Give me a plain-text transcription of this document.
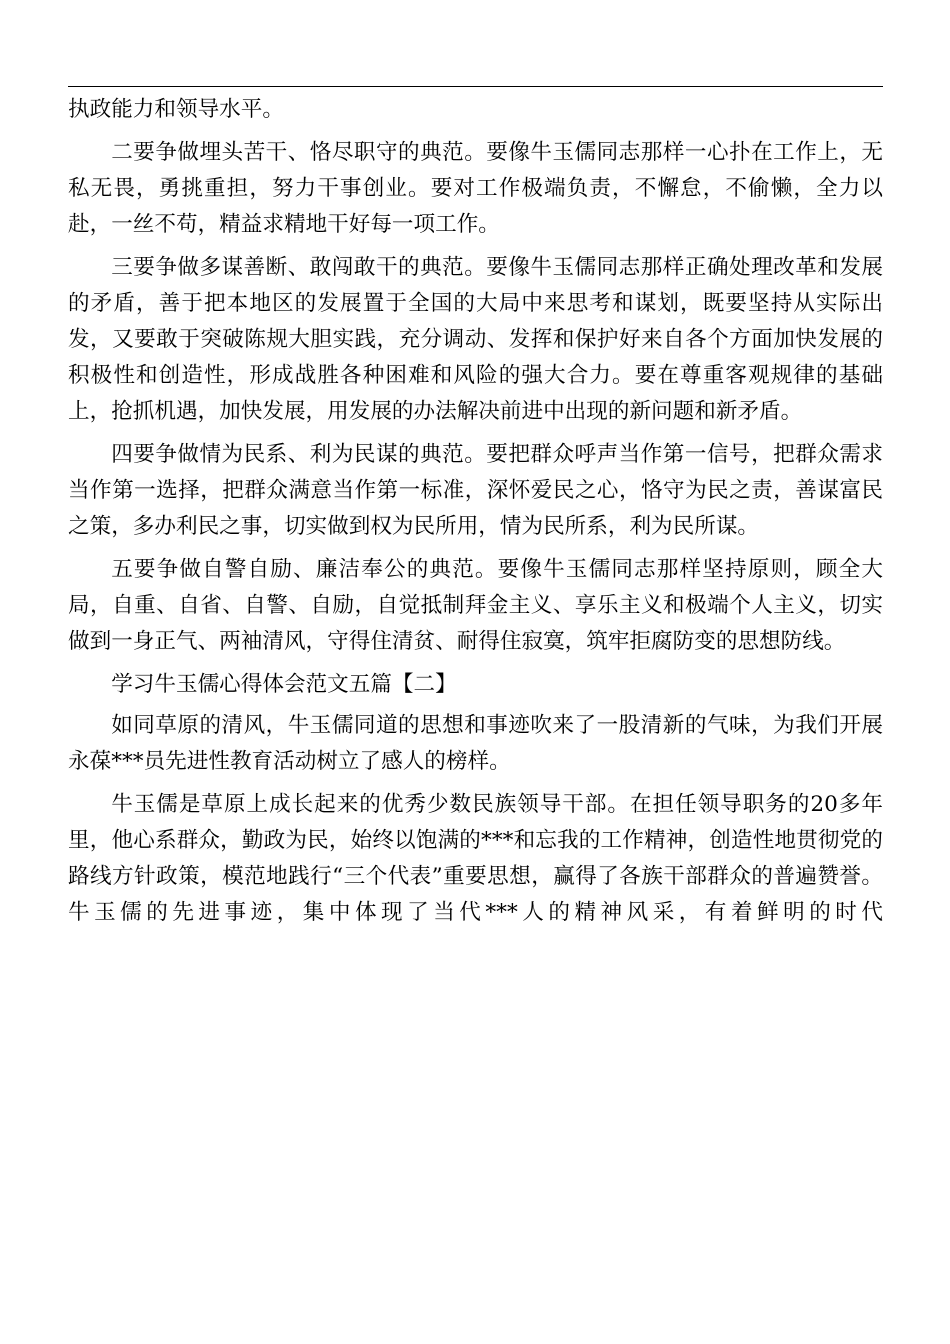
执政能力和领导水平。

二要争做埋头苦干、恪尽职守的典范。要像牛玉儒同志那样一心扑在工作上，无私无畏，勇挑重担，努力干事创业。要对工作极端负责，不懈怠，不偷懒，全力以赴，一丝不苟，精益求精地干好每一项工作。

三要争做多谋善断、敢闯敢干的典范。要像牛玉儒同志那样正确处理改革和发展的矛盾，善于把本地区的发展置于全国的大局中来思考和谋划，既要坚持从实际出发，又要敢于突破陈规大胆实践，充分调动、发挥和保护好来自各个方面加快发展的积极性和创造性，形成战胜各种困难和风险的强大合力。要在尊重客观规律的基础上，抢抓机遇，加快发展，用发展的办法解决前进中出现的新问题和新矛盾。

四要争做情为民系、利为民谋的典范。要把群众呼声当作第一信号，把群众需求当作第一选择，把群众满意当作第一标准，深怀爱民之心，恪守为民之责，善谋富民之策，多办利民之事，切实做到权为民所用，情为民所系，利为民所谋。

五要争做自警自励、廉洁奉公的典范。要像牛玉儒同志那样坚持原则，顾全大局，自重、自省、自警、自励，自觉抵制拜金主义、享乐主义和极端个人主义，切实做到一身正气、两袖清风，守得住清贫、耐得住寂寞，筑牢拒腐防变的思想防线。

学习牛玉儒心得体会范文五篇【二】

如同草原的清风，牛玉儒同道的思想和事迹吹来了一股清新的气味，为我们开展永葆***员先进性教育活动树立了感人的榜样。

牛玉儒是草原上成长起来的优秀少数民族领导干部。在担任领导职务的20多年里，他心系群众，勤政为民，始终以饱满的***和忘我的工作精神，创造性地贯彻党的路线方针政策，模范地践行“三个代表”重要思想，赢得了各族干部群众的普遍赞誉。牛玉儒的先进事迹，集中体现了当代***人的精神风采，有着鲜明的时代
